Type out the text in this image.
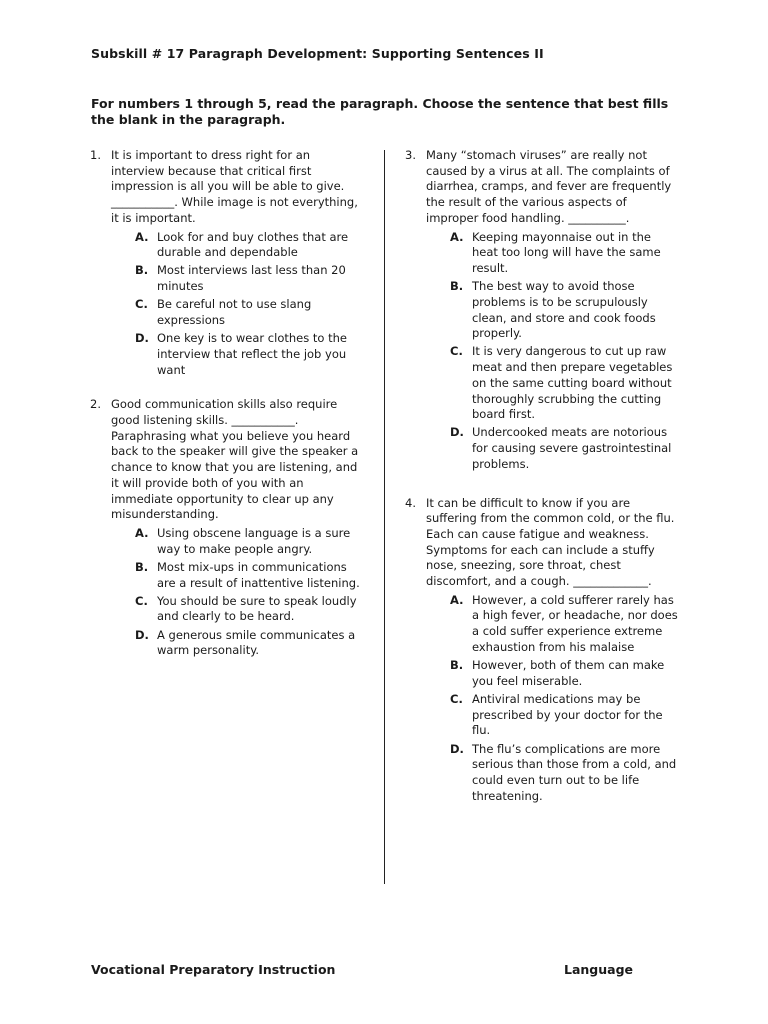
Subskill # 17 Paragraph Development: Supporting Sentences II
For numbers 1 through 5, read the paragraph. Choose the sentence that best fills the blank in the paragraph.
1. It is important to dress right for an interview because that critical first impression is all you will be able to give. ___________. While image is not everything, it is important.
A. Look for and buy clothes that are durable and dependable
B. Most interviews last less than 20 minutes
C. Be careful not to use slang expressions
D. One key is to wear clothes to the interview that reflect the job you want
2. Good communication skills also require good listening skills. ___________. Paraphrasing what you believe you heard back to the speaker will give the speaker a chance to know that you are listening, and it will provide both of you with an immediate opportunity to clear up any misunderstanding.
A. Using obscene language is a sure way to make people angry.
B. Most mix-ups in communications are a result of inattentive listening.
C. You should be sure to speak loudly and clearly to be heard.
D. A generous smile communicates a warm personality.
3. Many “stomach viruses” are really not caused by a virus at all. The complaints of diarrhea, cramps, and fever are frequently the result of the various aspects of improper food handling. __________.
A. Keeping mayonnaise out in the heat too long will have the same result.
B. The best way to avoid those problems is to be scrupulously clean, and store and cook foods properly.
C. It is very dangerous to cut up raw meat and then prepare vegetables on the same cutting board without thoroughly scrubbing the cutting board first.
D. Undercooked meats are notorious for causing severe gastrointestinal problems.
4. It can be difficult to know if you are suffering from the common cold, or the flu. Each can cause fatigue and weakness. Symptoms for each can include a stuffy nose, sneezing, sore throat, chest discomfort, and a cough. _____________.
A. However, a cold sufferer rarely has a high fever, or headache, nor does a cold suffer experience extreme exhaustion from his malaise
B. However, both of them can make you feel miserable.
C. Antiviral medications may be prescribed by your doctor for the flu.
D. The flu’s complications are more serious than those from a cold, and could even turn out to be life threatening.
Vocational Preparatory Instruction	Language
